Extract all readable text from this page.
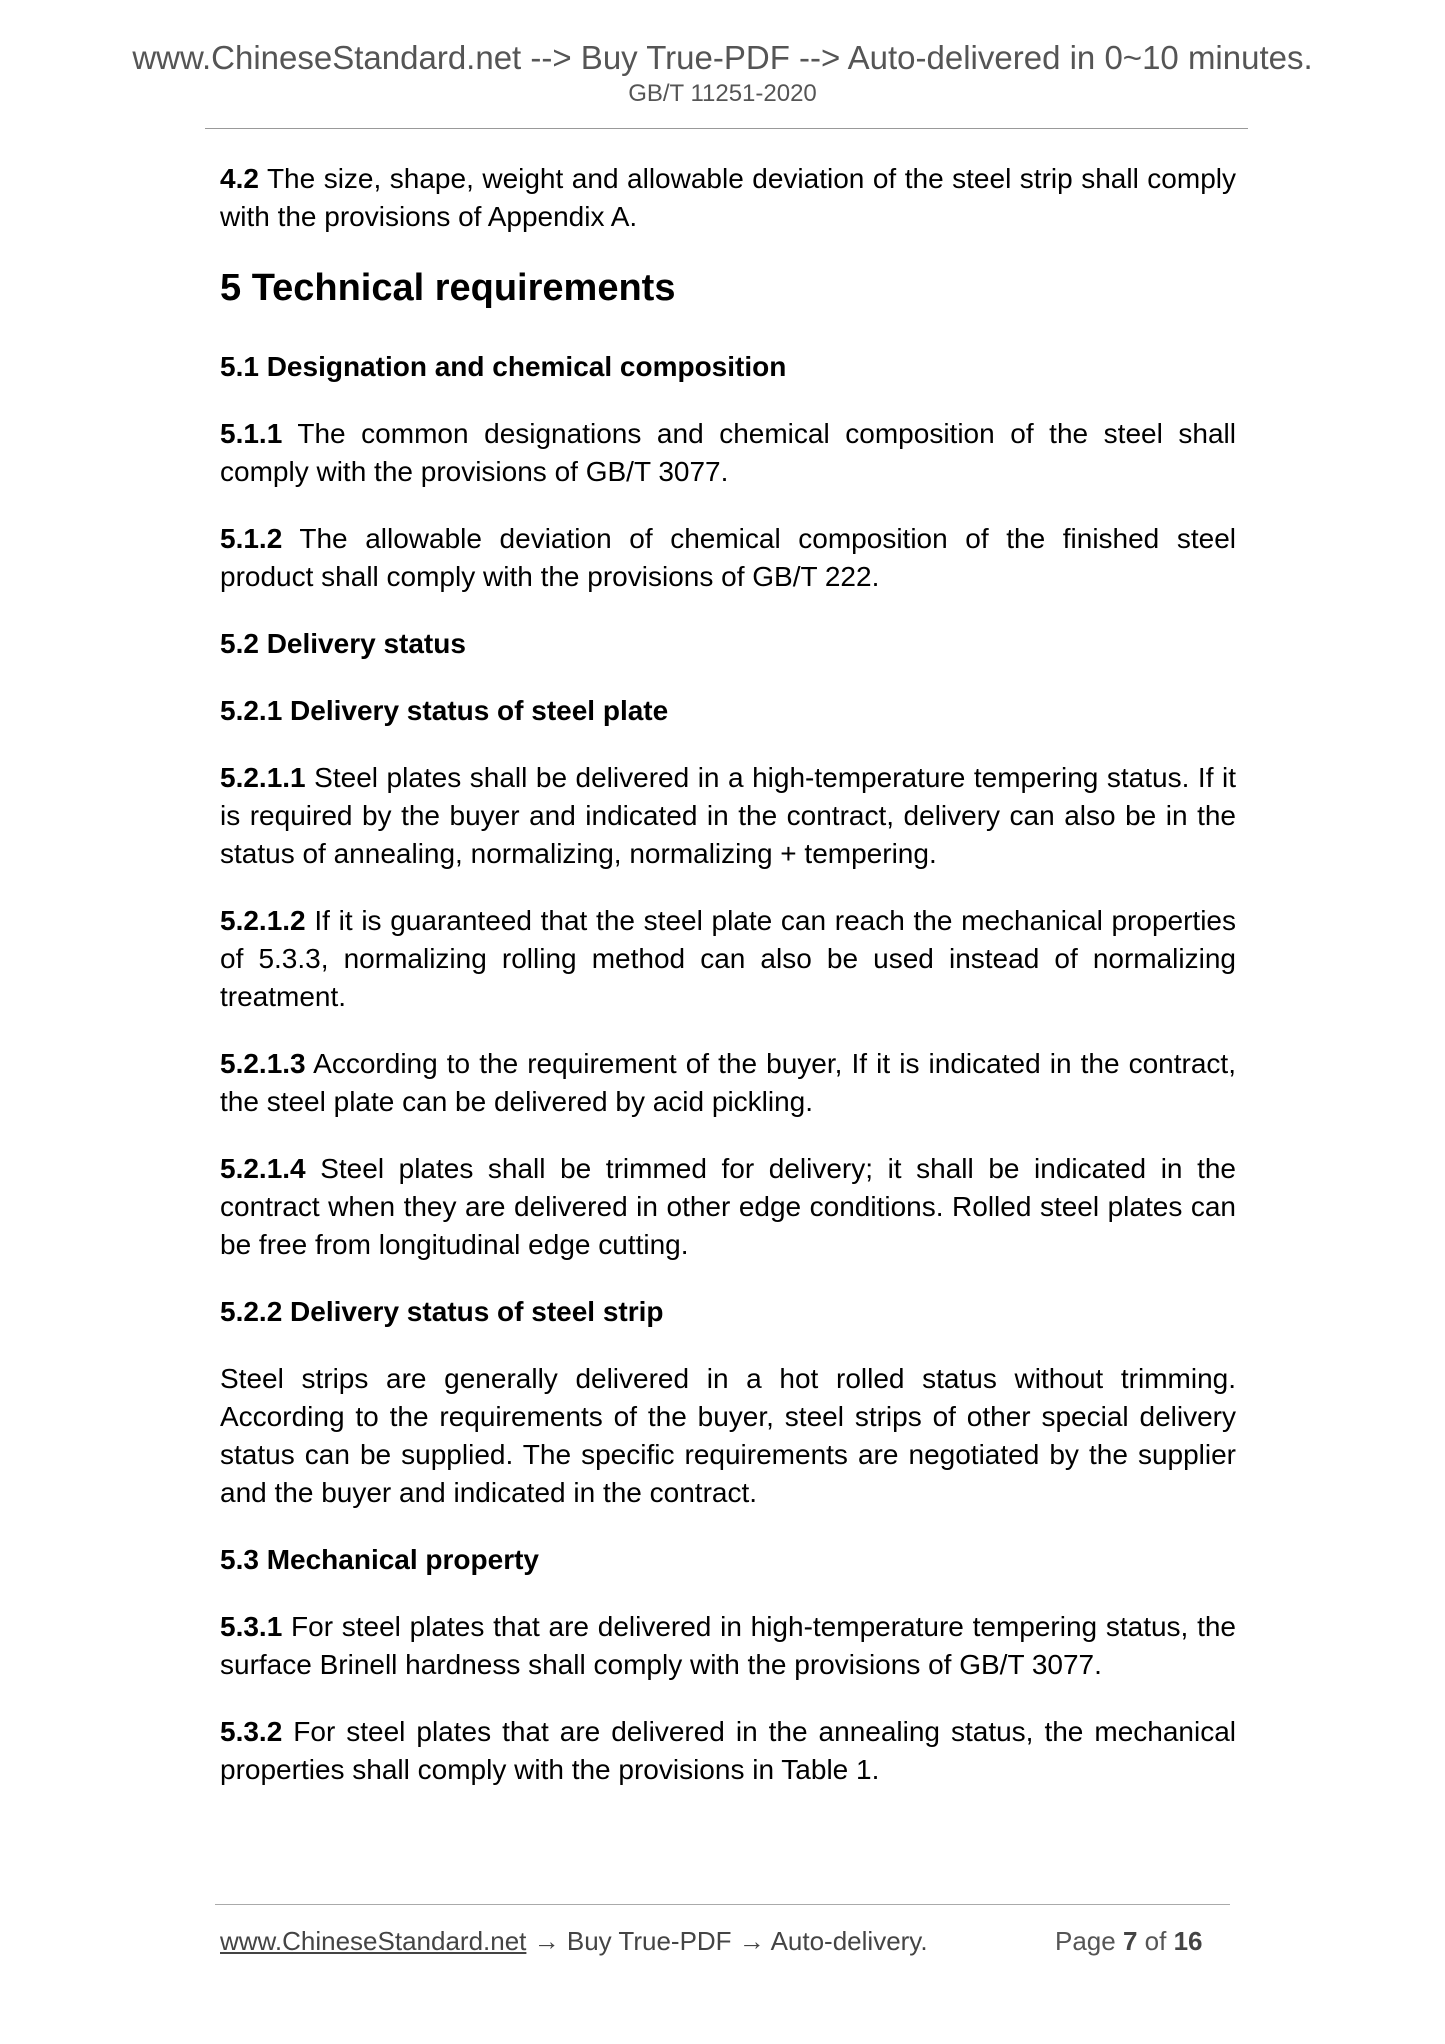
www.ChineseStandard.net --> Buy True-PDF --> Auto-delivered in 0~10 minutes.
GB/T 11251-2020

4.2 The size, shape, weight and allowable deviation of the steel strip shall comply with the provisions of Appendix A.

5 Technical requirements
5.1 Designation and chemical composition

5.1.1 The common designations and chemical composition of the steel shall comply with the provisions of GB/T 3077.

5.1.2 The allowable deviation of chemical composition of the finished steel product shall comply with the provisions of GB/T 222.

5.2 Delivery status
5.2.1 Delivery status of steel plate

5.2.1.1 Steel plates shall be delivered in a high-temperature tempering status. If it is required by the buyer and indicated in the contract, delivery can also be in the status of annealing, normalizing, normalizing + tempering.

5.2.1.2 If it is guaranteed that the steel plate can reach the mechanical properties of 5.3.3, normalizing rolling method can also be used instead of normalizing treatment.

5.2.1.3 According to the requirement of the buyer, If it is indicated in the contract, the steel plate can be delivered by acid pickling.

5.2.1.4 Steel plates shall be trimmed for delivery; it shall be indicated in the contract when they are delivered in other edge conditions. Rolled steel plates can be free from longitudinal edge cutting.

5.2.2 Delivery status of steel strip

Steel strips are generally delivered in a hot rolled status without trimming. According to the requirements of the buyer, steel strips of other special delivery status can be supplied. The specific requirements are negotiated by the supplier and the buyer and indicated in the contract.

5.3 Mechanical property

5.3.1 For steel plates that are delivered in high-temperature tempering status, the surface Brinell hardness shall comply with the provisions of GB/T 3077.

5.3.2 For steel plates that are delivered in the annealing status, the mechanical properties shall comply with the provisions in Table 1.

www.ChineseStandard.net → Buy True-PDF → Auto-delivery.	Page 7 of 16
